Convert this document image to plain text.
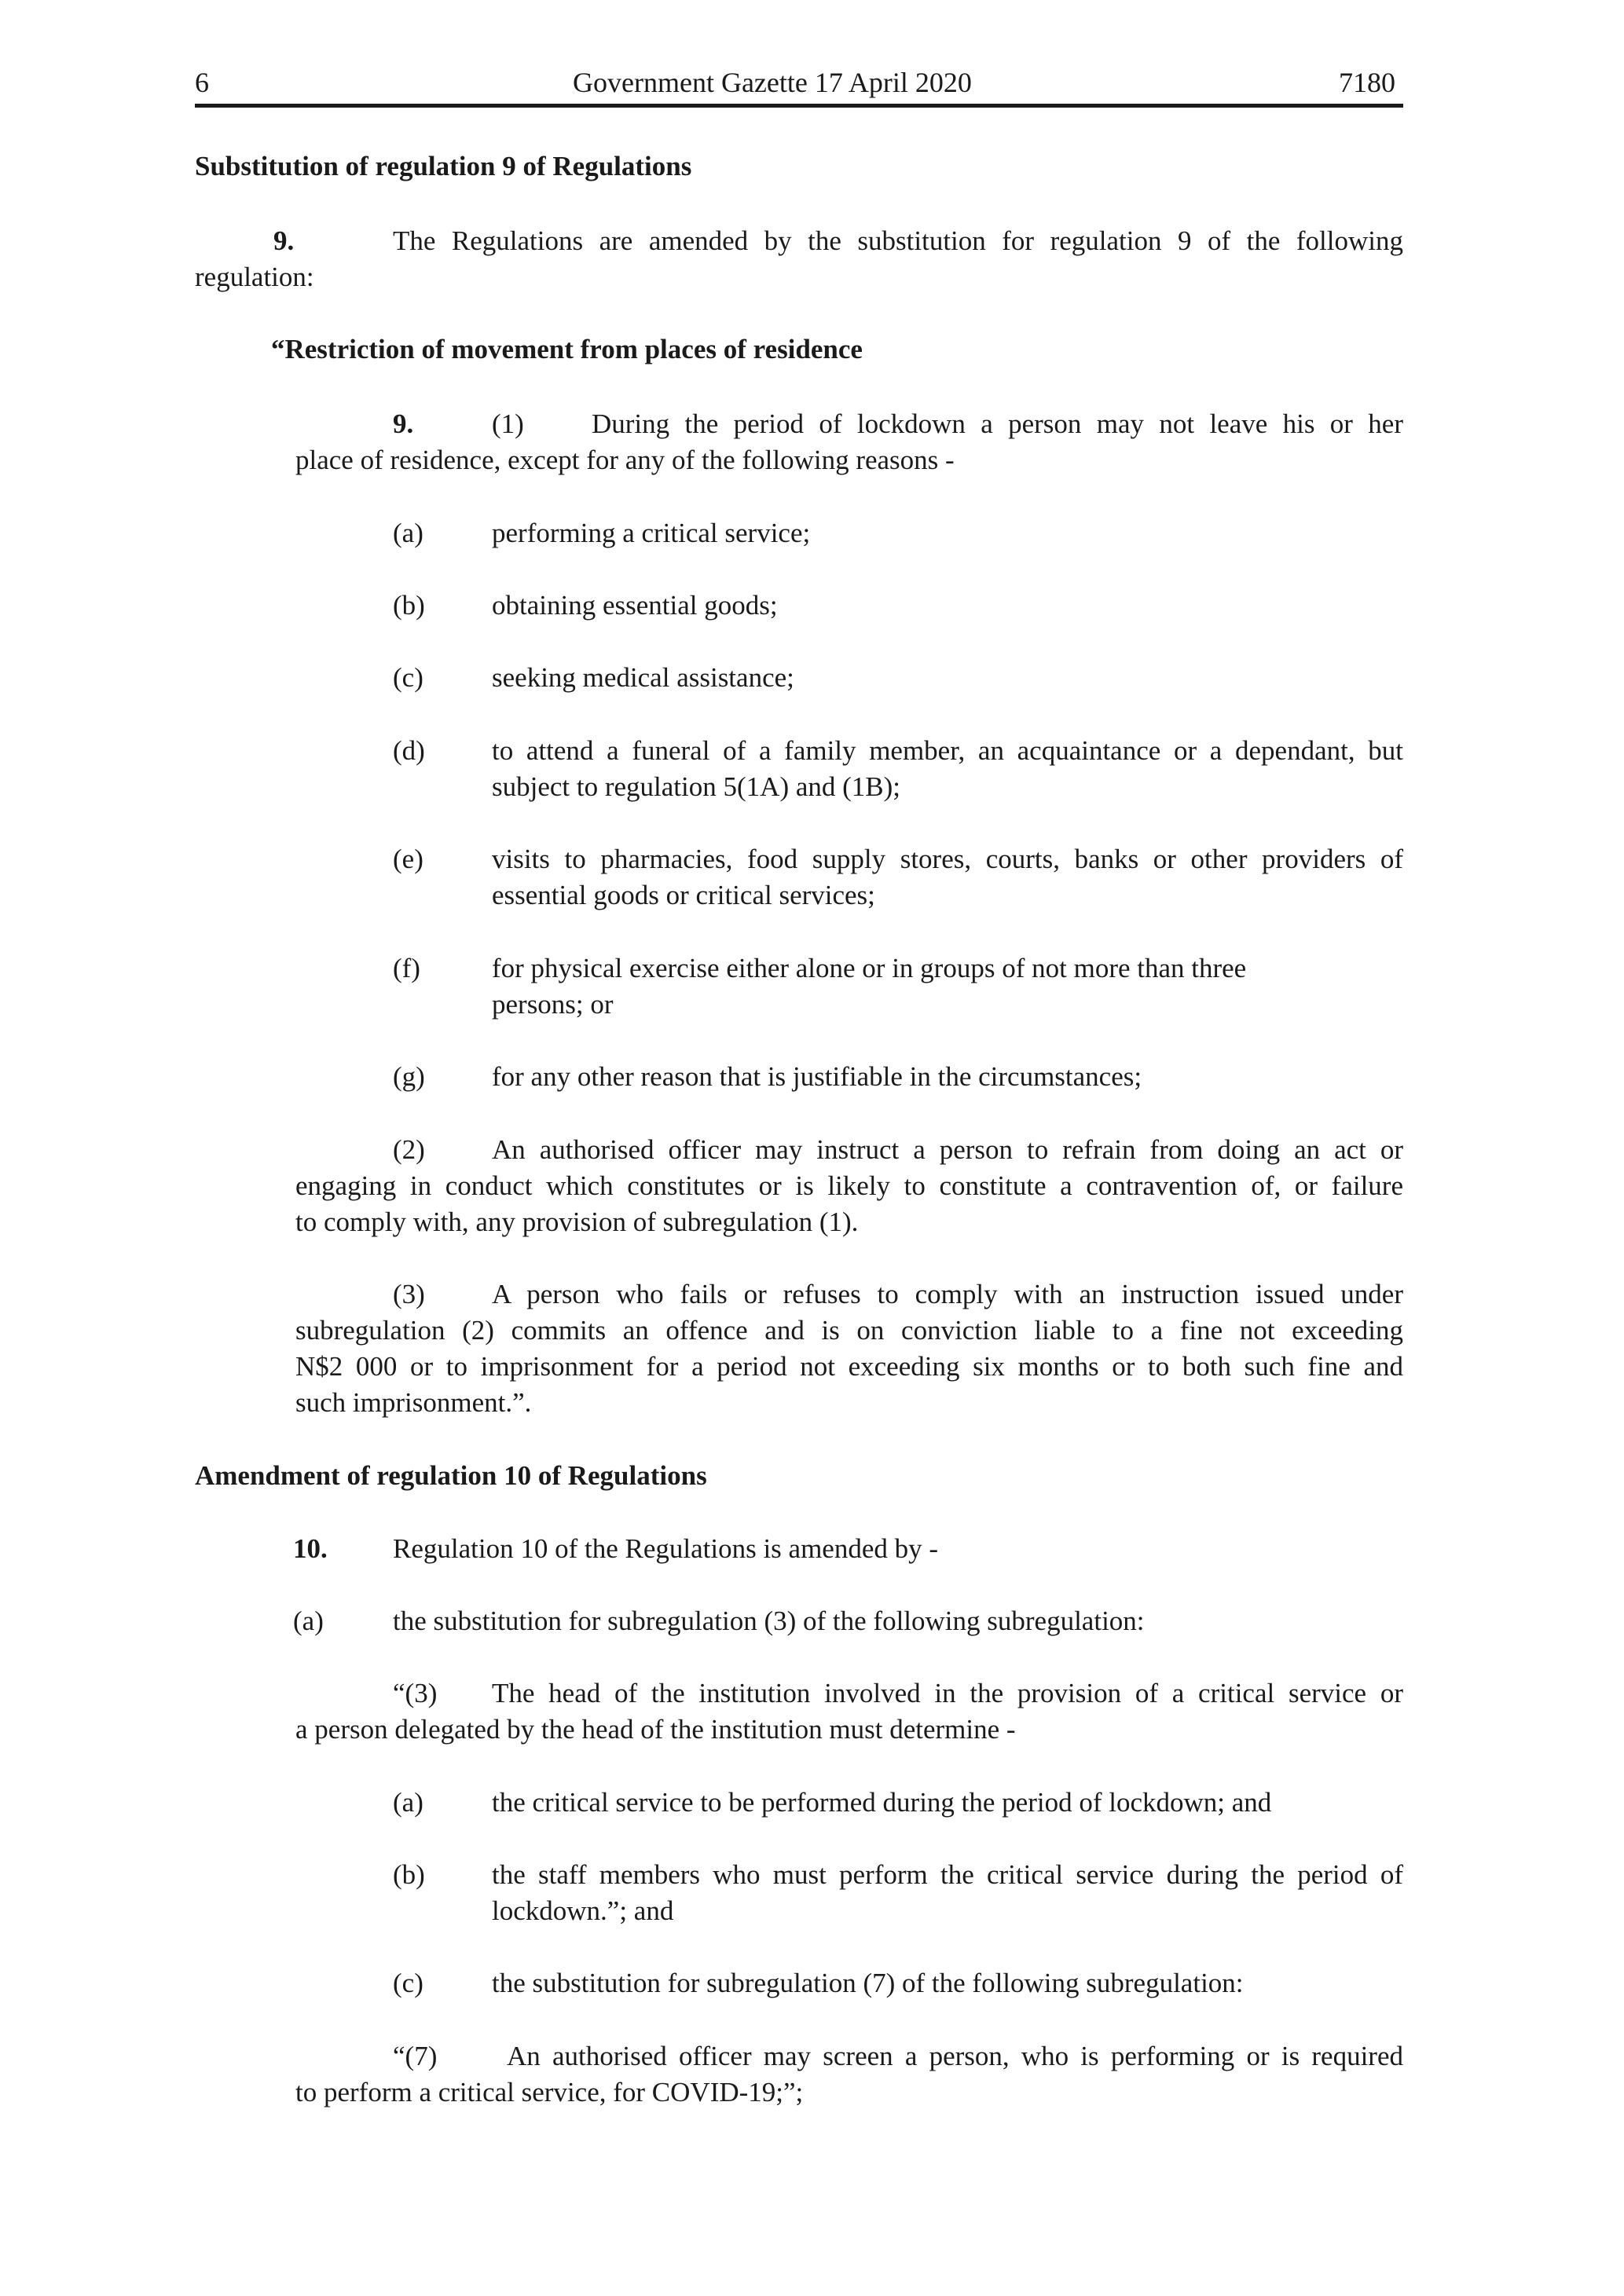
6	Government Gazette 17 April 2020	7180
Substitution of regulation 9 of Regulations
9.	The Regulations are amended by the substitution for regulation 9 of the following
regulation:
“Restriction of movement from places of residence
9.	(1) During the period of lockdown a person may not leave his or her
place of residence, except for any of the following reasons -
(a) performing a critical service;
(b) obtaining essential goods;
(c) seeking medical assistance;
(d) to attend a funeral of a family member, an acquaintance or a dependant, but
subject to regulation 5(1A) and (1B);
(e) visits to pharmacies, food supply stores, courts, banks or other providers of
essential goods or critical services;
(f)	for physical exercise either alone or in groups of not more than three
persons; or
(g) for any other reason that is justifiable in the circumstances;
(2) An authorised officer may instruct a person to refrain from doing an act or
engaging in conduct which constitutes or is likely to constitute a contravention of, or failure
to comply with, any provision of subregulation (1).
(3) A person who fails or refuses to comply with an instruction issued under
subregulation (2) commits an offence and is on conviction liable to a fine not exceeding
N$2 000 or to imprisonment for a period not exceeding six months or to both such fine and
such imprisonment.”.
Amendment of regulation 10 of Regulations
10. Regulation 10 of the Regulations is amended by -
(a)	the substitution for subregulation (3) of the following subregulation:
“(3) The head of the institution involved in the provision of a critical service or
a person delegated by the head of the institution must determine -
(a) the critical service to be performed during the period of lockdown; and
(b) the staff members who must perform the critical service during the period of
lockdown.”; and
(c) the substitution for subregulation (7) of the following subregulation:
“(7)	An authorised officer may screen a person, who is performing or is required
to perform a critical service, for COVID-19;”;
